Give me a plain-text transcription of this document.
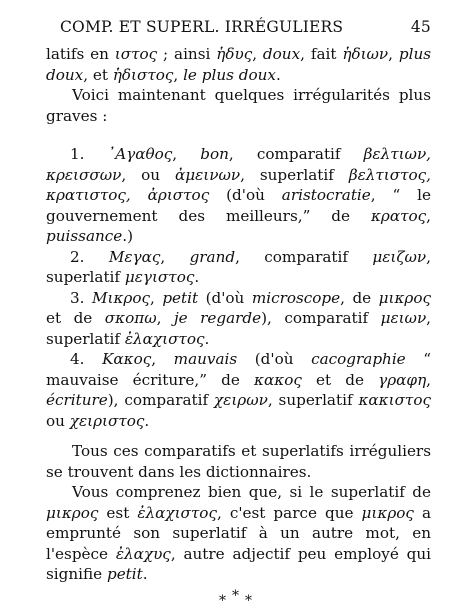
COMP. ET SUPERL. IRRÉGULIERS	45

latifs en ιστος ; ainsi ἡδυς, doux, fait ἡδιων, plus doux, et ἡδιστος, le plus doux.

Voici maintenant quelques irrégularités plus graves :

1. ᾿Αγαθος, bon, comparatif βελτιων, κρεισσων, ou ἀμεινων, superlatif βελτιστος, κρατιστος, ἀριστος (d'où aristocratie, “ le gouvernement des meilleurs,” de κρατος, puissance.)

2. Μεγας, grand, comparatif μειζων, superlatif μεγιστος.

3. Μικρος, petit (d'où microscope, de μικρος et de σκοπω, je regarde), comparatif μειων, superlatif ἐλαχιστος.

4. Κακος, mauvais (d'où cacographie “ mauvaise écriture,” de κακος et de γραφη, écriture), comparatif χειρων, superlatif κακιστος ou χειριστος.

Tous ces comparatifs et superlatifs irréguliers se trouvent dans les dictionnaires.

Vous comprenez bien que, si le superlatif de μικρος est ἐλαχιστος, c'est parce que μικρος a emprunté son superlatif à un autre mot, en l'espèce ἐλαχυς, autre adjectif peu employé qui signifie petit.

***
